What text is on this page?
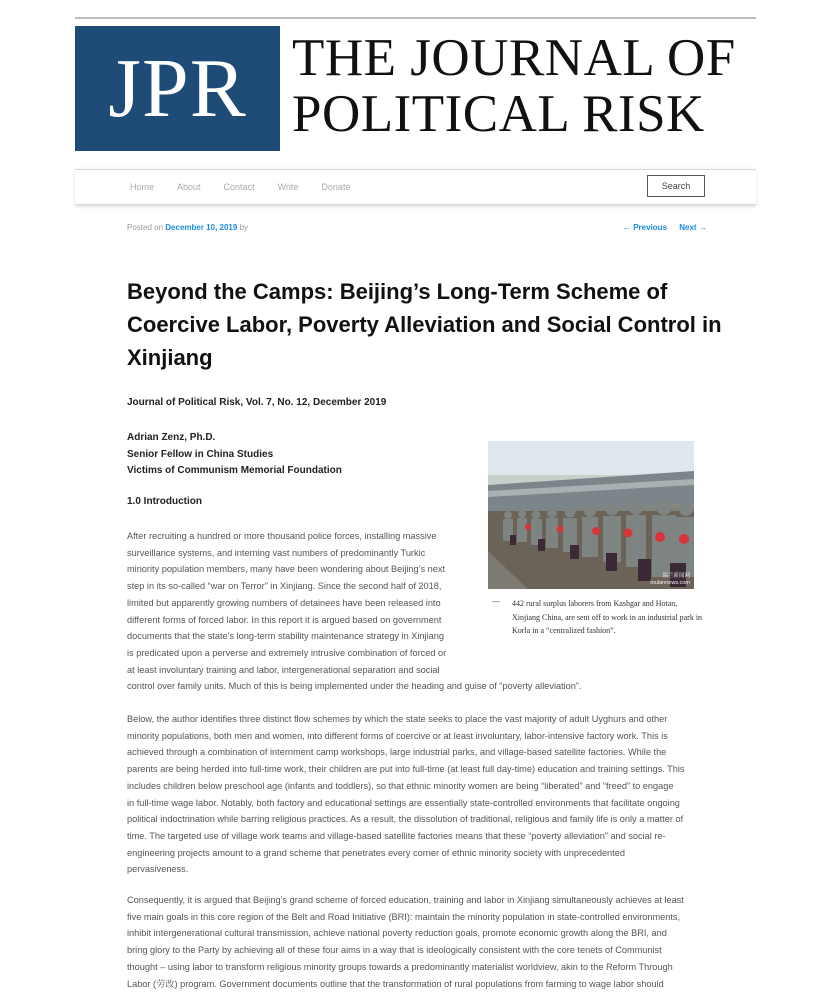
JPR THE JOURNAL OF
POLITICAL RISK
Home	About	Contact	Write	Donate	Search
Posted on December 10, 2019 by	← Previous Next →
Beyond the Camps: Beijing’s Long-Term Scheme of Coercive Labor, Poverty Alleviation and Social Control in Xinjiang
Journal of Political Risk, Vol. 7, No. 12, December 2019
Adrian Zenz, Ph.D.
Senior Fellow in China Studies
Victims of Communism Memorial Foundation
1.0 Introduction
瑞兰新闻网 toulannews.com
— 442 rural surplus laborers from Kashgar and Hotan, Xinjiang China, are sent off to work in an industrial park in Korla in a “centralized fashion”.
After recruiting a hundred or more thousand police forces, installing massive
surveillance systems, and interning vast numbers of predominantly Turkic
minority population members, many have been wondering about Beijing’s next
step in its so-called “war on Terror” in Xinjiang. Since the second half of 2018,
limited but apparently growing numbers of detainees have been released into
different forms of forced labor. In this report it is argued based on government
documents that the state’s long-term stability maintenance strategy in Xinjiang
is predicated upon a perverse and extremely intrusive combination of forced or
at least involuntary training and labor, intergenerational separation and social
control over family units. Much of this is being implemented under the heading and guise of “poverty alleviation”.
Below, the author identifies three distinct flow schemes by which the state seeks to place the vast majority of adult Uyghurs and other
minority populations, both men and women, into different forms of coercive or at least involuntary, labor-intensive factory work. This is
achieved through a combination of internment camp workshops, large industrial parks, and village-based satellite factories. While the
parents are being herded into full-time work, their children are put into full-time (at least full day-time) education and training settings. This
includes children below preschool age (infants and toddlers), so that ethnic minority women are being “liberated” and “freed” to engage
in full-time wage labor. Notably, both factory and educational settings are essentially state-controlled environments that facilitate ongoing
political indoctrination while barring religious practices. As a result, the dissolution of traditional, religious and family life is only a matter of
time. The targeted use of village work teams and village-based satellite factories means that these “poverty alleviation” and social re-
engineering projects amount to a grand scheme that penetrates every corner of ethnic minority society with unprecedented
pervasiveness.
Consequently, it is argued that Beijing’s grand scheme of forced education, training and labor in Xinjiang simultaneously achieves at least
five main goals in this core region of the Belt and Road Initiative (BRI): maintain the minority population in state-controlled environments,
inhibit intergenerational cultural transmission, achieve national poverty reduction goals, promote economic growth along the BRI, and
bring glory to the Party by achieving all of these four aims in a way that is ideologically consistent with the core tenets of Communist
thought – using labor to transform religious minority groups towards a predominantly materialist worldview, akin to the Reform Through
Labor (劳改) program. Government documents outline that the transformation of rural populations from farming to wage labor should
